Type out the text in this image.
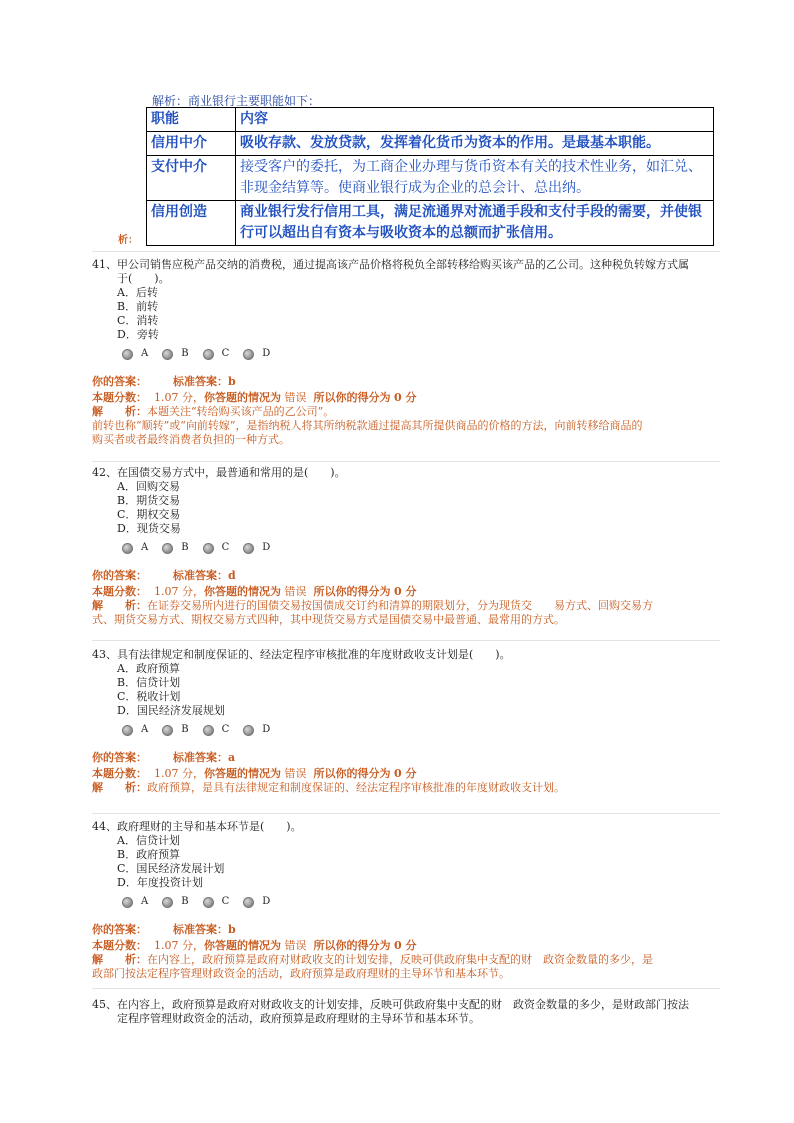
解析：商业银行主要职能如下：
职能	内容
信用中介	吸收存款、发放贷款，发挥着化货币为资本的作用。是最基本职能。
支付中介	接受客户的委托，为工商企业办理与货币资本有关的技术性业务，如汇兑、非现金结算等。使商业银行成为企业的总会计、总出纳。
信用创造	商业银行发行信用工具，满足流通界对流通手段和支付手段的需要，并使银行可以超出自有资本与吸收资本的总额而扩张信用。
析：
41、甲公司销售应税产品交纳的消费税，通过提高该产品价格将税负全部转移给购买该产品的乙公司。这种税负转嫁方式属
于(　　)。
A．后转
B．前转
C．消转
D．旁转
A	B	C	D
你的答案： 标准答案：b
本题分数： 1.07 分，你答题的情况为 错误 所以你的得分为 0 分
解　　析：本题关注“转给购买该产品的乙公司”。
前转也称“顺转”或“向前转嫁”，是指纳税人将其所纳税款通过提高其所提供商品的价格的方法，向前转移给商品的
购买者或者最终消费者负担的一种方式。
42、在国债交易方式中，最普通和常用的是(　　)。
A．回购交易
B．期货交易
C．期权交易
D．现货交易
A	B	C	D
你的答案： 标准答案：d
本题分数： 1.07 分，你答题的情况为 错误 所以你的得分为 0 分
解　　析：在证券交易所内进行的国债交易按国债成交订约和清算的期限划分，分为现货交　　易方式、回购交易方
式、期货交易方式、期权交易方式四种，其中现货交易方式是国债交易中最普通、最常用的方式。
43、具有法律规定和制度保证的、经法定程序审核批准的年度财政收支计划是(　　)。
A．政府预算
B．信贷计划
C．税收计划
D．国民经济发展规划
A	B	C	D
你的答案： 标准答案：a
本题分数： 1.07 分，你答题的情况为 错误 所以你的得分为 0 分
解　　析：政府预算，是具有法律规定和制度保证的、经法定程序审核批准的年度财政收支计划。
44、政府理财的主导和基本环节是(　　)。
A．信贷计划
B．政府预算
C．国民经济发展计划
D．年度投资计划
A	B	C	D
你的答案： 标准答案：b
本题分数： 1.07 分，你答题的情况为 错误 所以你的得分为 0 分
解　　析：在内容上，政府预算是政府对财政收支的计划安排，反映可供政府集中支配的财　政资金数量的多少，是
政部门按法定程序管理财政资金的活动，政府预算是政府理财的主导环节和基本环节。
45、在内容上，政府预算是政府对财政收支的计划安排，反映可供政府集中支配的财　政资金数量的多少，是财政部门按法
定程序管理财政资金的活动，政府预算是政府理财的主导环节和基本环节。
